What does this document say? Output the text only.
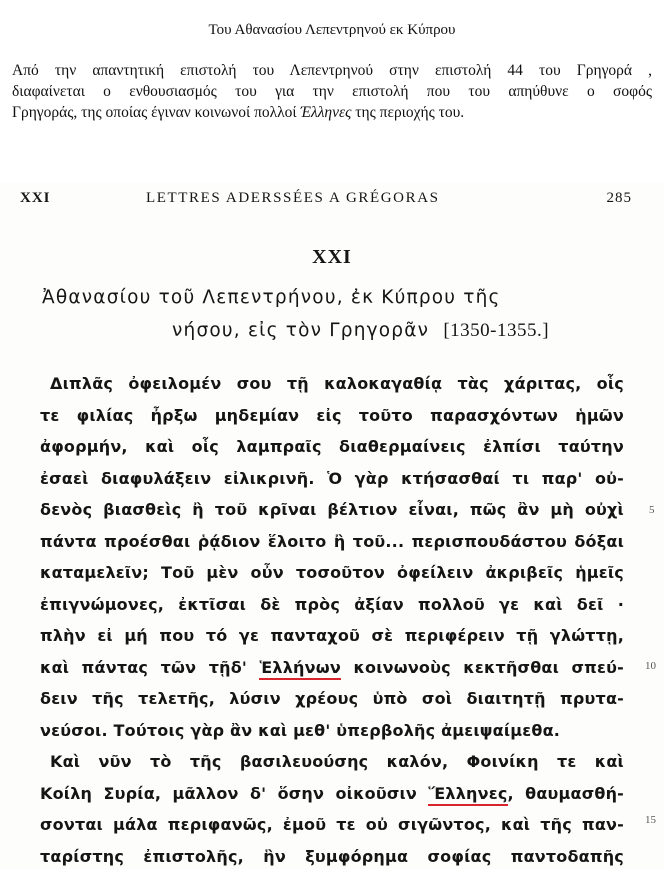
Του Αθανασίου Λεπεντρηνού εκ Κύπρου
Από την απαντητική επιστολή του Λεπεντρηνού στην επιστολή 44 του Γρηγορά ,
διαφαίνεται ο ενθουσιασμός του για την επιστολή που του απηύθυνε ο σοφός
Γρηγοράς, της οποίας έγιναν κοινωνοί πολλοί Έλληνες της περιοχής του.
XXI	LETTRES ADERSSÉES A GRÉGORAS	285
XXI
Ἀθανασίου τοῦ Λεπεντρήνου, ἐκ Κύπρου τῆς
νήσου, εἰς τὸν Γρηγορᾶν [1350-1355.]
Διπλᾶς ὀφειλομέν σου τῇ καλοκαγαθίᾳ τὰς χάριτας, οἷς
τε φιλίας ἦρξω μηδεμίαν εἰς τοῦτο παρασχόντων ἡμῶν
ἀφορμήν, καὶ οἷς λαμπραῖς διαθερμαίνεις ἐλπίσι ταύτην
ἐσαεὶ διαφυλάξειν εἰλικρινῆ. Ὁ γὰρ κτήσασθαί τι παρ' οὐ-
δενὸς βιασθεὶς ἢ τοῦ κρῖναι βέλτιον εἶναι, πῶς ἂν μὴ οὐχὶ
πάντα προέσθαι ῥᾴδιον ἕλοιτο ἢ τοῦ... περισπουδάστου δόξαι
καταμελεῖν; Τοῦ μὲν οὖν τοσοῦτον ὀφείλειν ἀκριβεῖς ἡμεῖς
ἐπιγνώμονες, ἐκτῖσαι δὲ πρὸς ἀξίαν πολλοῦ γε καὶ δεῖ ·
πλὴν εἰ μή που τό γε πανταχοῦ σὲ περιφέρειν τῇ γλώττῃ,
καὶ πάντας τῶν τῇδ' Ἑλλήνων κοινωνοὺς κεκτῆσθαι σπεύ-
δειν τῆς τελετῆς, λύσιν χρέους ὑπὸ σοὶ διαιτητῇ πρυτα-
νεύσοι. Τούτοις γὰρ ἂν καὶ μεθ' ὑπερβολῆς ἀμειψαίμεθα.
Καὶ νῦν τὸ τῆς βασιλευούσης καλόν, Φοινίκη τε καὶ
Κοίλη Συρία, μᾶλλον δ' ὅσην οἰκοῦσιν Ἕλληνες, θαυμασθή-
σονται μάλα περιφανῶς, ἐμοῦ τε οὐ σιγῶντος, καὶ τῆς παν-
ταρίστης ἐπιστολῆς, ἣν ξυμφόρημα σοφίας παντοδαπῆς
5
10
15
